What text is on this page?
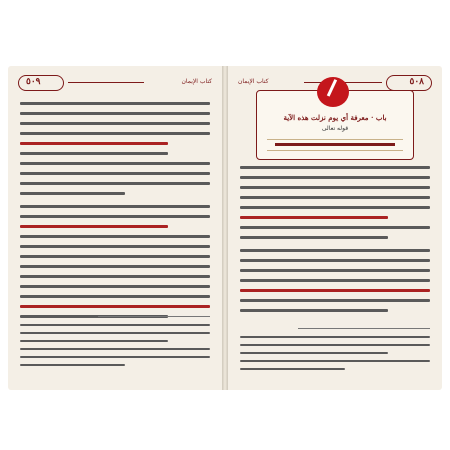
٥٠٩	كتاب الإيمان	كتاب الإيمان	٥٠٨
باب · معرفة أي يوم نزلت هذه الآية
قوله تعالى
